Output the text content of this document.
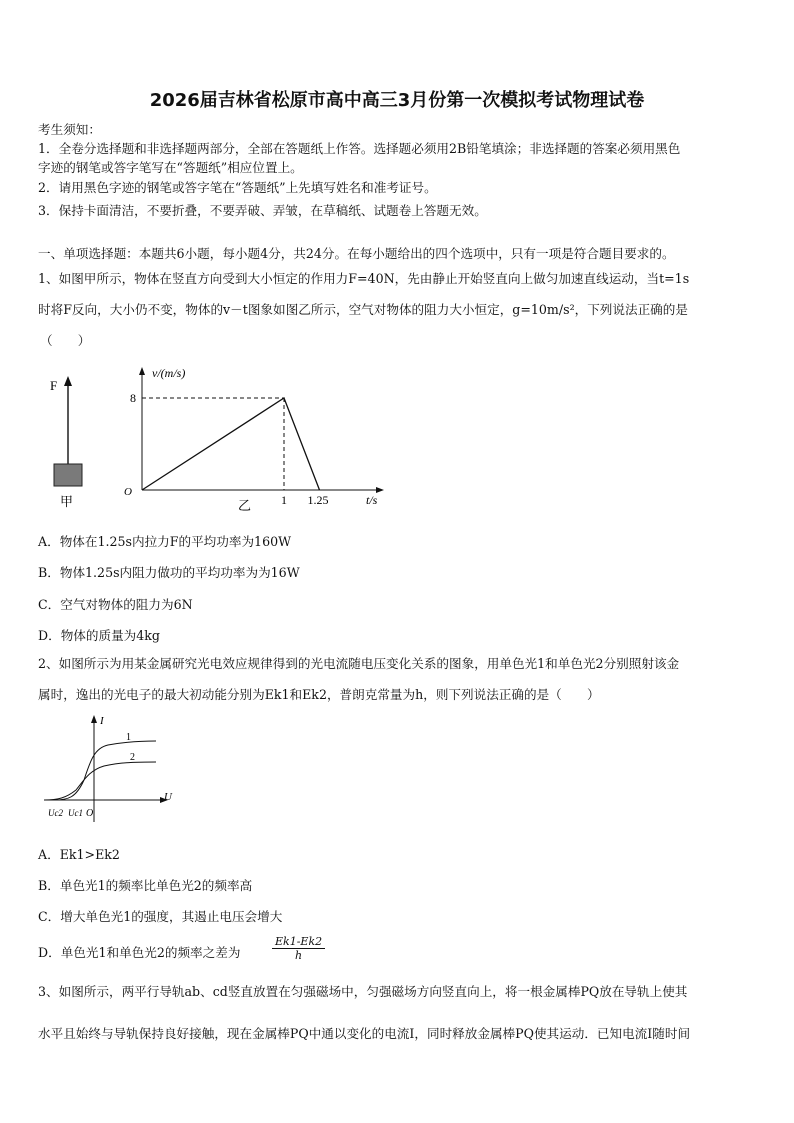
2026届吉林省松原市高中高三3月份第一次模拟考试物理试卷
考生须知：
1．全卷分选择题和非选择题两部分，全部在答题纸上作答。选择题必须用2B铅笔填涂；非选择题的答案必须用黑色
字迹的钢笔或答字笔写在“答题纸”相应位置上。
2．请用黑色字迹的钢笔或答字笔在“答题纸”上先填写姓名和准考证号。
3．保持卡面清洁，不要折叠，不要弄破、弄皱，在草稿纸、试题卷上答题无效。
一、单项选择题：本题共6小题，每小题4分，共24分。在每小题给出的四个选项中，只有一项是符合题目要求的。
1、如图甲所示，物体在竖直方向受到大小恒定的作用力F=40N，先由静止开始竖直向上做匀加速直线运动，当t=1s
时将F反向，大小仍不变，物体的v－t图象如图乙所示，空气对物体的阻力大小恒定，g=10m/s²，下列说法正确的是
（　　）
F
甲
v/(m/s)
t/s
O
8
1 1.25
乙
A．物体在1.25s内拉力F的平均功率为160W
B．物体1.25s内阻力做功的平均功率为为16W
C．空气对物体的阻力为6N
D．物体的质量为4kg
2、如图所示为用某金属研究光电效应规律得到的光电流随电压变化关系的图象，用单色光1和单色光2分别照射该金
属时，逸出的光电子的最大初动能分别为Ek1和Ek2，普朗克常量为h，则下列说法正确的是（　　）
I
U
1
2
Uc2 Uc1 O
A．Ek1>Ek2
B．单色光1的频率比单色光2的频率高
C．增大单色光1的强度，其遏止电压会增大
D．单色光1和单色光2的频率之差为	$\frac{Ek1-Ek2}{h}$
3、如图所示，两平行导轨ab、cd竖直放置在匀强磁场中，匀强磁场方向竖直向上，将一根金属棒PQ放在导轨上使其
水平且始终与导轨保持良好接触，现在金属棒PQ中通以变化的电流I，同时释放金属棒PQ使其运动．已知电流I随时间
